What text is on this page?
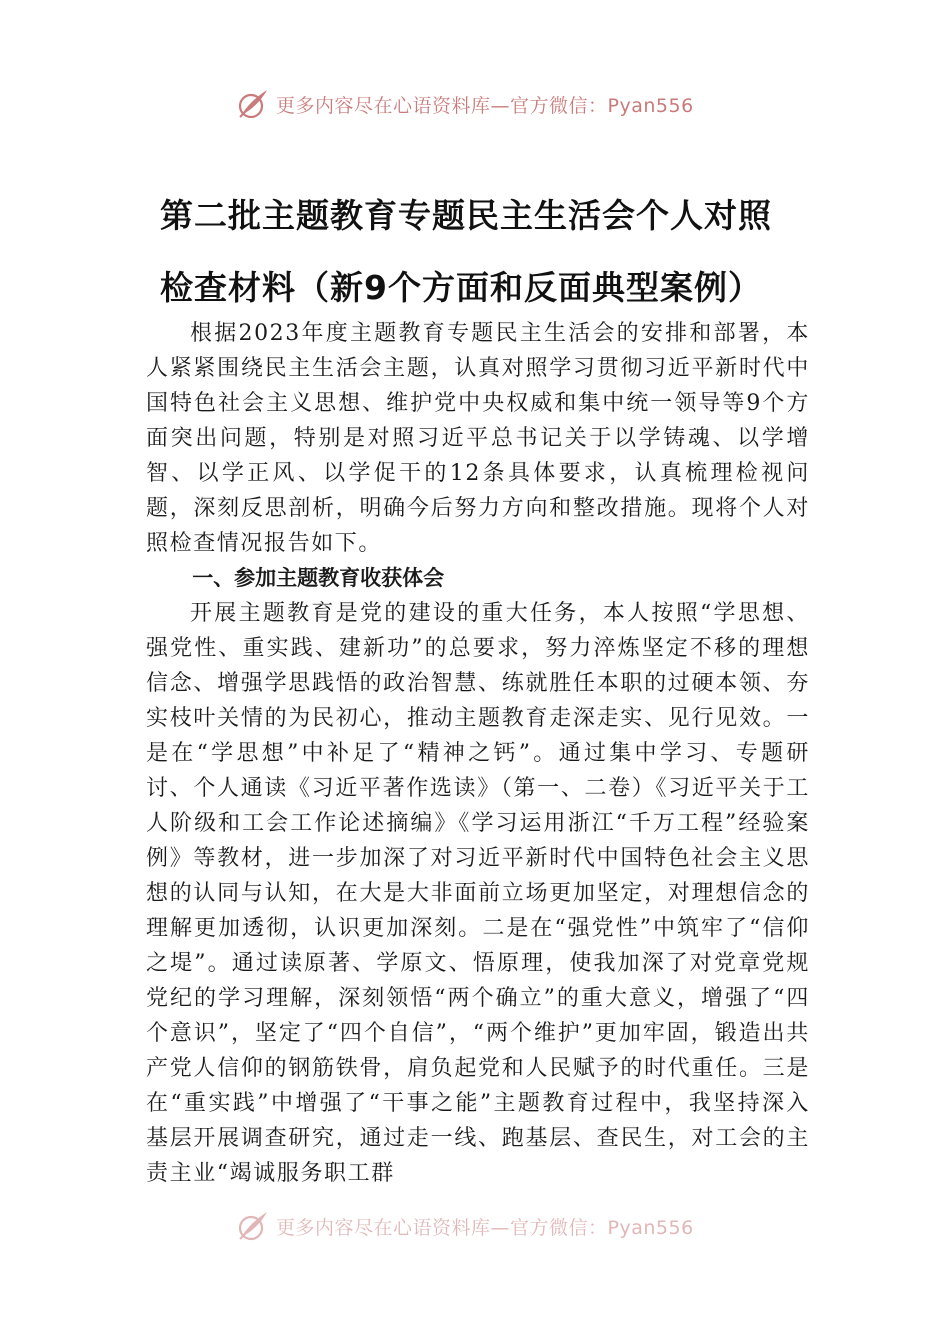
更多内容尽在心语资料库—官方微信：Pyan556
第二批主题教育专题民主生活会个人对照
检查材料（新9个方面和反面典型案例）

根据2023年度主题教育专题民主生活会的安排和部署，本人紧紧围绕民主生活会主题，认真对照学习贯彻习近平新时代中国特色社会主义思想、维护党中央权威和集中统一领导等9个方面突出问题，特别是对照习近平总书记关于以学铸魂、以学增智、以学正风、以学促干的12条具体要求，认真梳理检视问题，深刻反思剖析，明确今后努力方向和整改措施。现将个人对照检查情况报告如下。

一、参加主题教育收获体会

开展主题教育是党的建设的重大任务，本人按照“学思想、强党性、重实践、建新功”的总要求，努力淬炼坚定不移的理想信念、增强学思践悟的政治智慧、练就胜任本职的过硬本领、夯实枝叶关情的为民初心，推动主题教育走深走实、见行见效。一是在“学思想”中补足了“精神之钙”。通过集中学习、专题研讨、个人通读《习近平著作选读》（第一、二卷）《习近平关于工人阶级和工会工作论述摘编》《学习运用浙江“千万工程”经验案例》等教材，进一步加深了对习近平新时代中国特色社会主义思想的认同与认知，在大是大非面前立场更加坚定，对理想信念的理解更加透彻，认识更加深刻。二是在“强党性”中筑牢了“信仰之堤”。通过读原著、学原文、悟原理，使我加深了对党章党规党纪的学习理解，深刻领悟“两个确立”的重大意义，增强了“四个意识”，坚定了“四个自信”，“两个维护”更加牢固，锻造出共产党人信仰的钢筋铁骨，肩负起党和人民赋予的时代重任。三是在“重实践”中增强了“干事之能”主题教育过程中，我坚持深入基层开展调查研究，通过走一线、跑基层、查民生，对工会的主责主业“竭诚服务职工群

更多内容尽在心语资料库—官方微信：Pyan556
